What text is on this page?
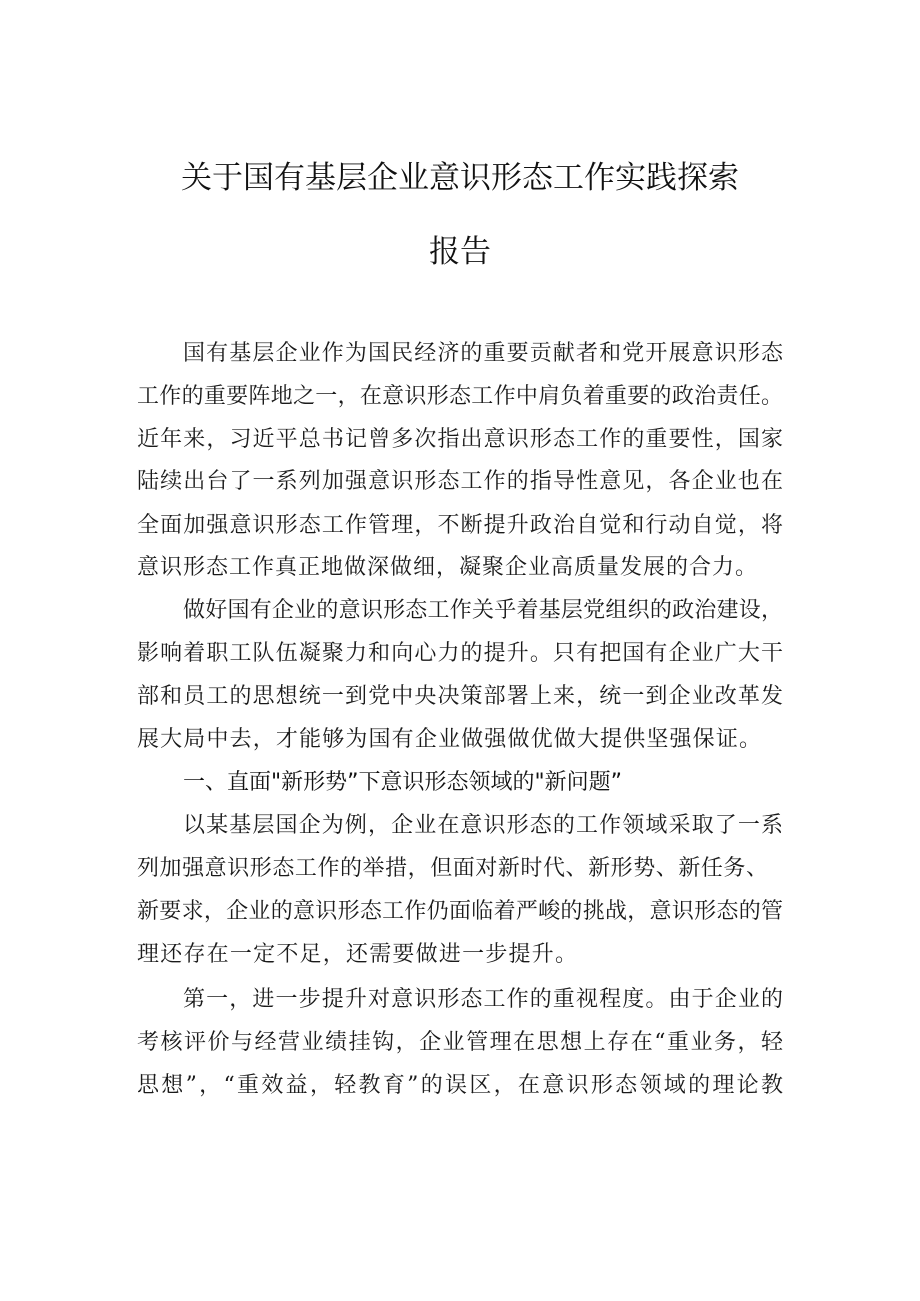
关于国有基层企业意识形态工作实践探索
报告
国有基层企业作为国民经济的重要贡献者和党开展意识形态
工作的重要阵地之一，在意识形态工作中肩负着重要的政治责任。
近年来，习近平总书记曾多次指出意识形态工作的重要性，国家
陆续出台了一系列加强意识形态工作的指导性意见，各企业也在
全面加强意识形态工作管理，不断提升政治自觉和行动自觉，将
意识形态工作真正地做深做细，凝聚企业高质量发展的合力。
做好国有企业的意识形态工作关乎着基层党组织的政治建设，
影响着职工队伍凝聚力和向心力的提升。只有把国有企业广大干
部和员工的思想统一到党中央决策部署上来，统一到企业改革发
展大局中去，才能够为国有企业做强做优做大提供坚强保证。
一、直面"新形势”下意识形态领域的"新问题”
以某基层国企为例，企业在意识形态的工作领域采取了一系
列加强意识形态工作的举措，但面对新时代、新形势、新任务、
新要求，企业的意识形态工作仍面临着严峻的挑战，意识形态的管
理还存在一定不足，还需要做进一步提升。
第一，进一步提升对意识形态工作的重视程度。由于企业的
考核评价与经营业绩挂钩，企业管理在思想上存在“重业务，轻
思想”，“重效益，轻教育”的误区，在意识形态领域的理论教
